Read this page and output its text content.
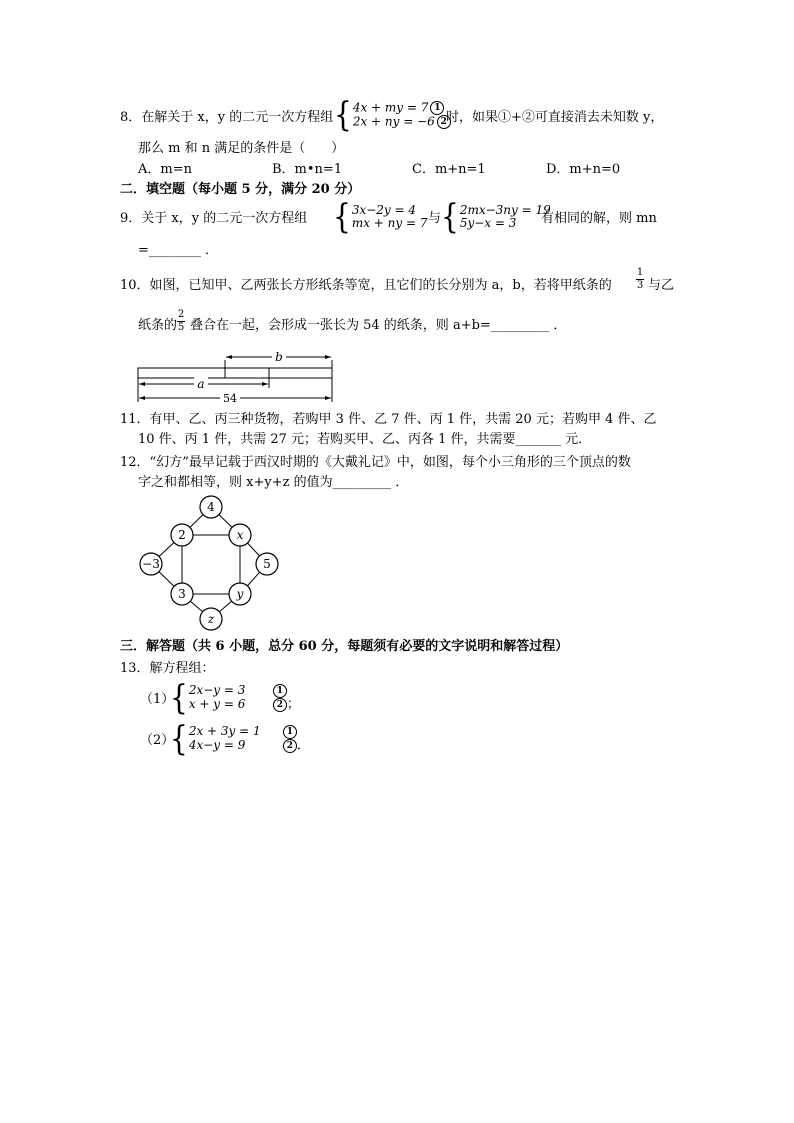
8．在解关于 x，y 的二元一次方程组 { 4x + my = 7 1
2x + ny = −6 2 时，如果①+②可直接消去未知数 y，
那么 m 和 n 满足的条件是（　　）
A．m=n	B．m•n=1	C．m+n=1	D．m+n=0
二．填空题（每小题 5 分，满分 20 分）
9．关于 x，y 的二元一次方程组 { 3x−2y = 4
mx + ny = 7 与 { 2mx−3ny = 19
5y−x = 3	有相同的解，则 mn
=________ ．
10．如图，已知甲、乙两张长方形纸条等宽，且它们的长分别为 a，b，若将甲纸条的
1
3 与乙
纸条的
2
5 叠合在一起，会形成一张长为 54 的纸条，则 a+b=_________ ．
b
a
54
11．有甲、乙、丙三种货物，若购甲 3 件、乙 7 件、丙 1 件，共需 20 元；若购甲 4 件、乙
10 件、丙 1 件，共需 27 元；若购买甲、乙、丙各 1 件，共需要_______ 元．
12．“幻方”最早记载于西汉时期的《大戴礼记》中，如图，每个小三角形的三个顶点的数
字之和都相等，则 x+y+z 的值为_________ ．
4
2	x
−3	5
3	y
z
三．解答题（共 6 小题，总分 60 分，每题须有必要的文字说明和解答过程）
13．解方程组：
（1）
{ 2x−y = 3	1
x + y = 6	2 ；
（2）
{ 2x + 3y = 1	1
4x−y = 9	2 ．
